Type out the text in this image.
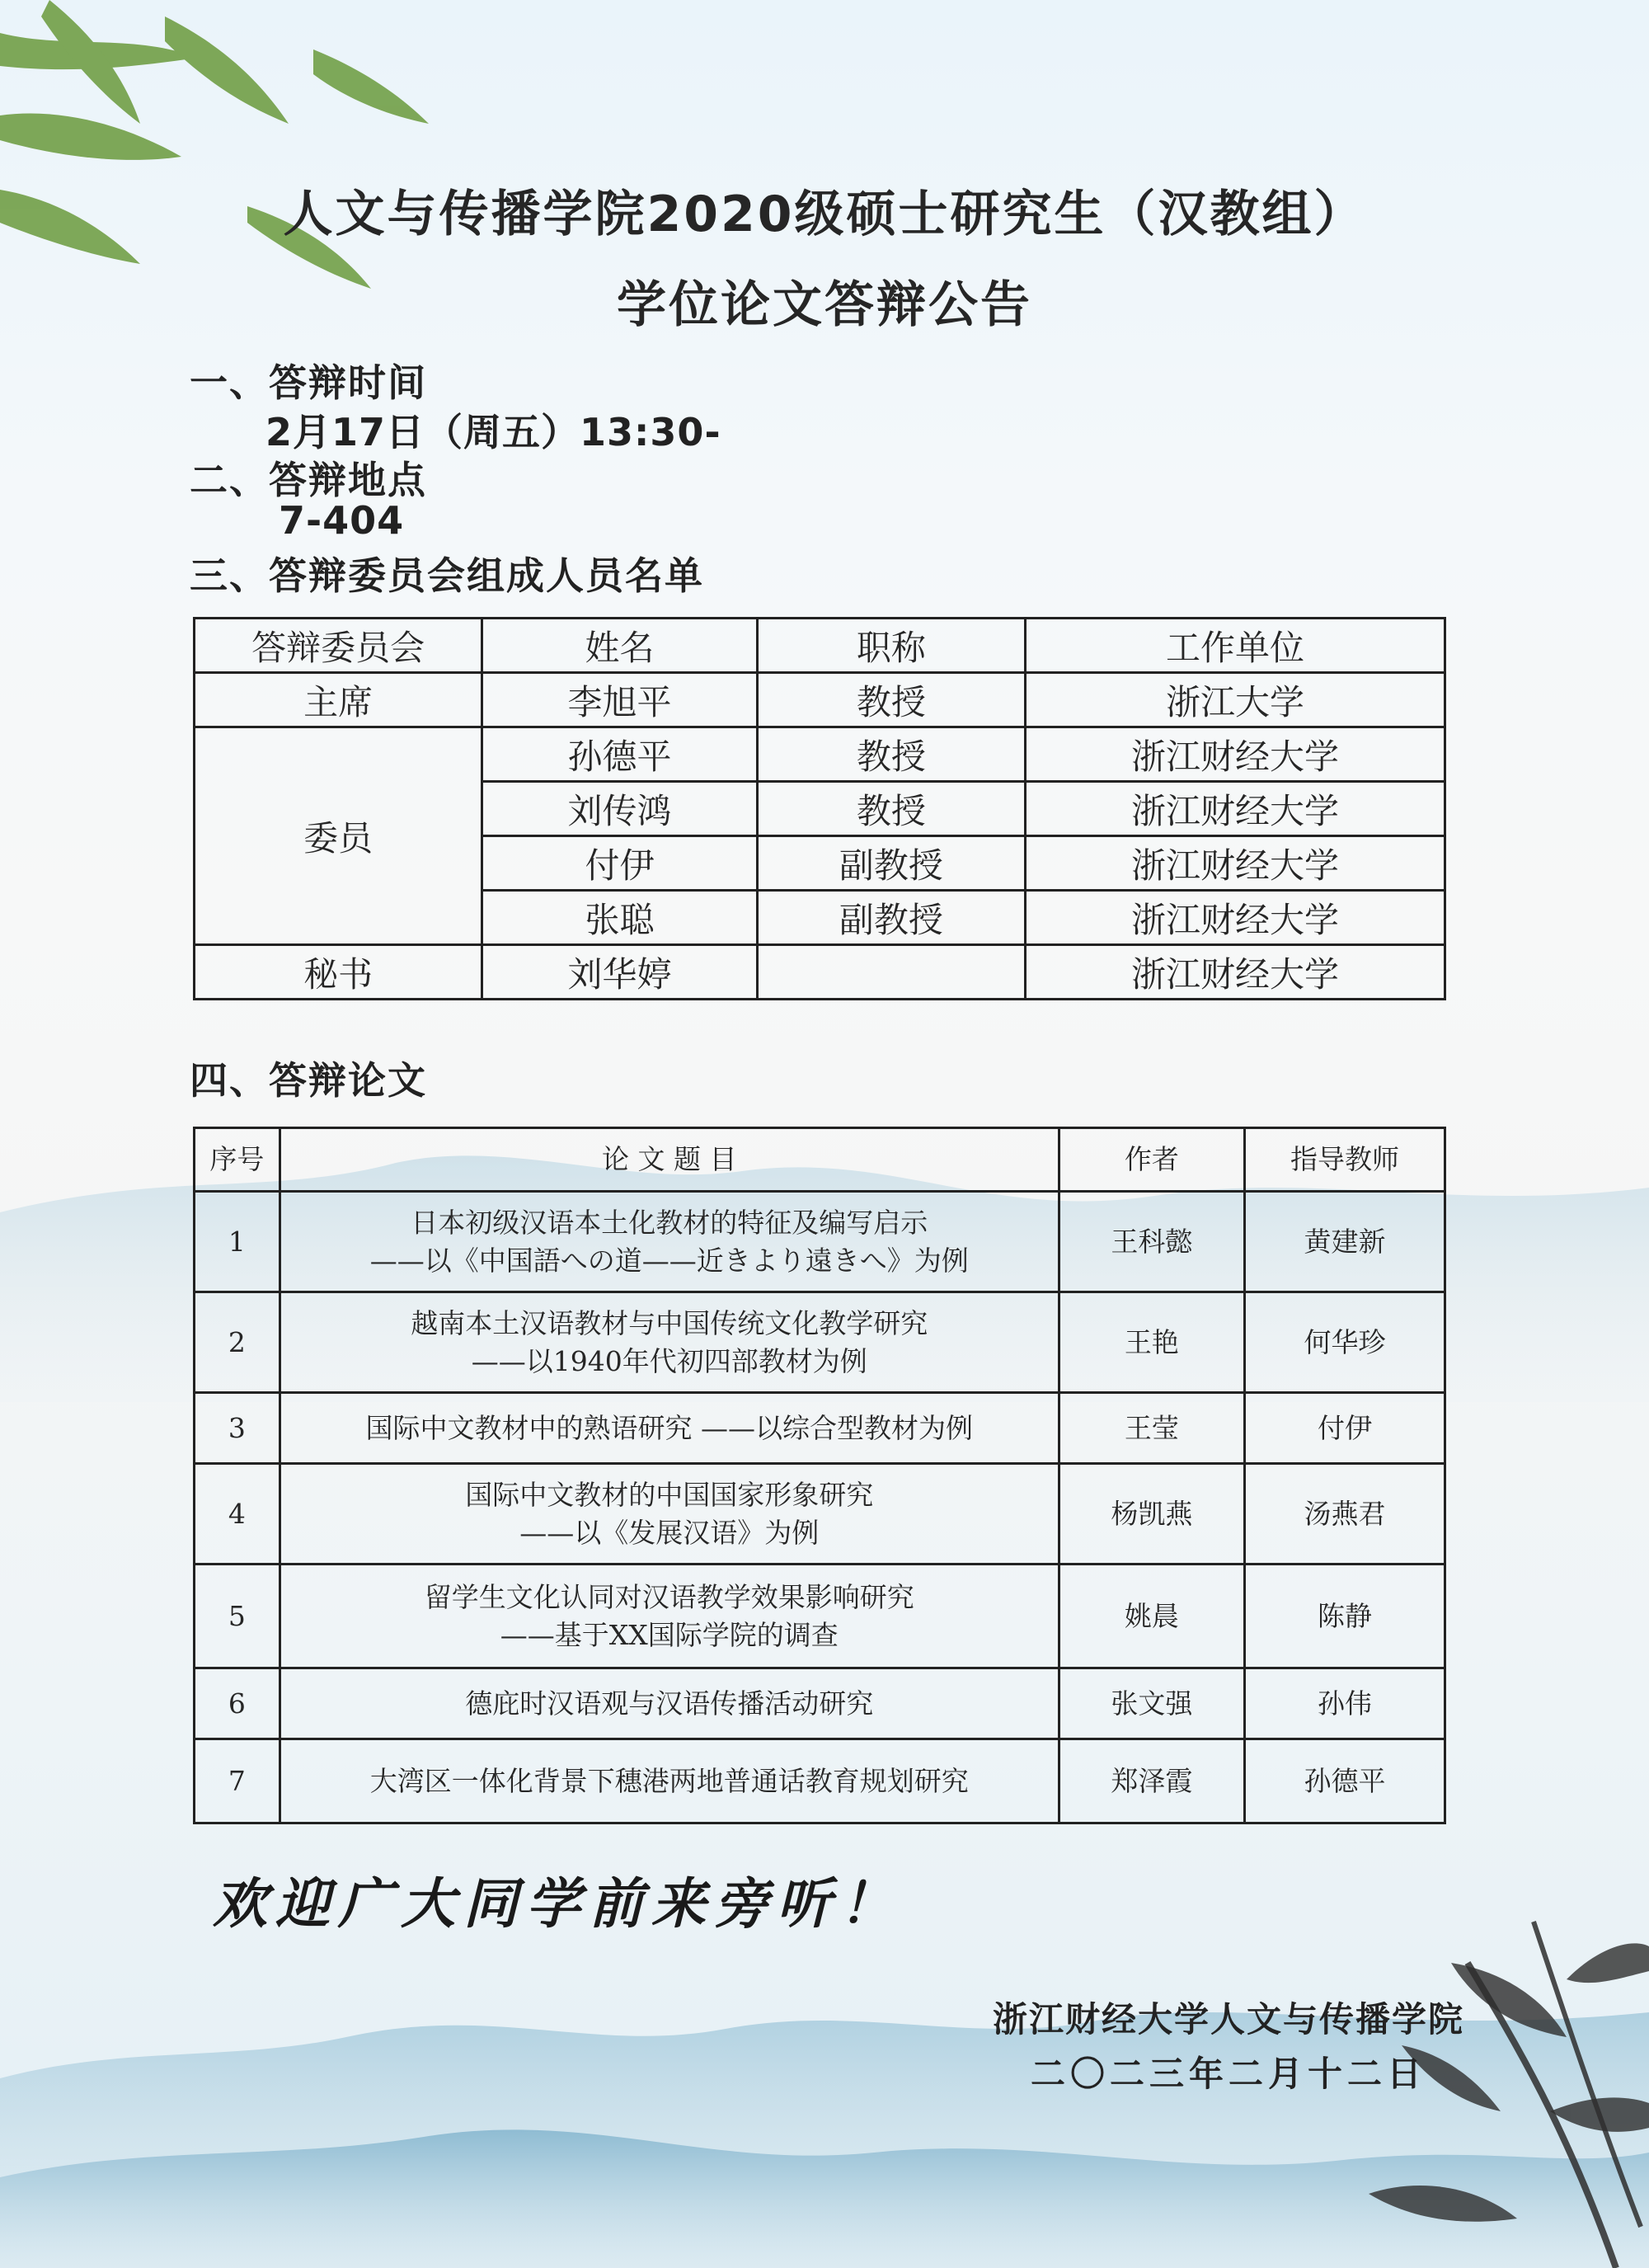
人文与传播学院2020级硕士研究生（汉教组）
学位论文答辩公告
一、答辩时间
2月17日（周五）13:30-
二、答辩地点
7-404
三、答辩委员会组成人员名单
答辩委员会	姓名	职称	工作单位
主席	李旭平	教授	浙江大学
委员	孙德平	教授	浙江财经大学
	刘传鸿	教授	浙江财经大学
	付伊	副教授	浙江财经大学
	张聪	副教授	浙江财经大学
秘书	刘华婷		浙江财经大学
四、答辩论文
序号	论 文 题 目	作者	指导教师
1	日本初级汉语本土化教材的特征及编写启示
——以《中国語への道——近きより遠きへ》为例	王科懿	黄建新
2	越南本土汉语教材与中国传统文化教学研究
——以1940年代初四部教材为例	王艳	何华珍
3	国际中文教材中的熟语研究 ——以综合型教材为例	王莹	付伊
4	国际中文教材的中国国家形象研究
——以《发展汉语》为例	杨凯燕	汤燕君
5	留学生文化认同对汉语教学效果影响研究
——基于XX国际学院的调查	姚晨	陈静
6	德庇时汉语观与汉语传播活动研究	张文强	孙伟
7	大湾区一体化背景下穗港两地普通话教育规划研究	郑泽霞	孙德平
欢迎广大同学前来旁听！
浙江财经大学人文与传播学院
二〇二三年二月十二日
